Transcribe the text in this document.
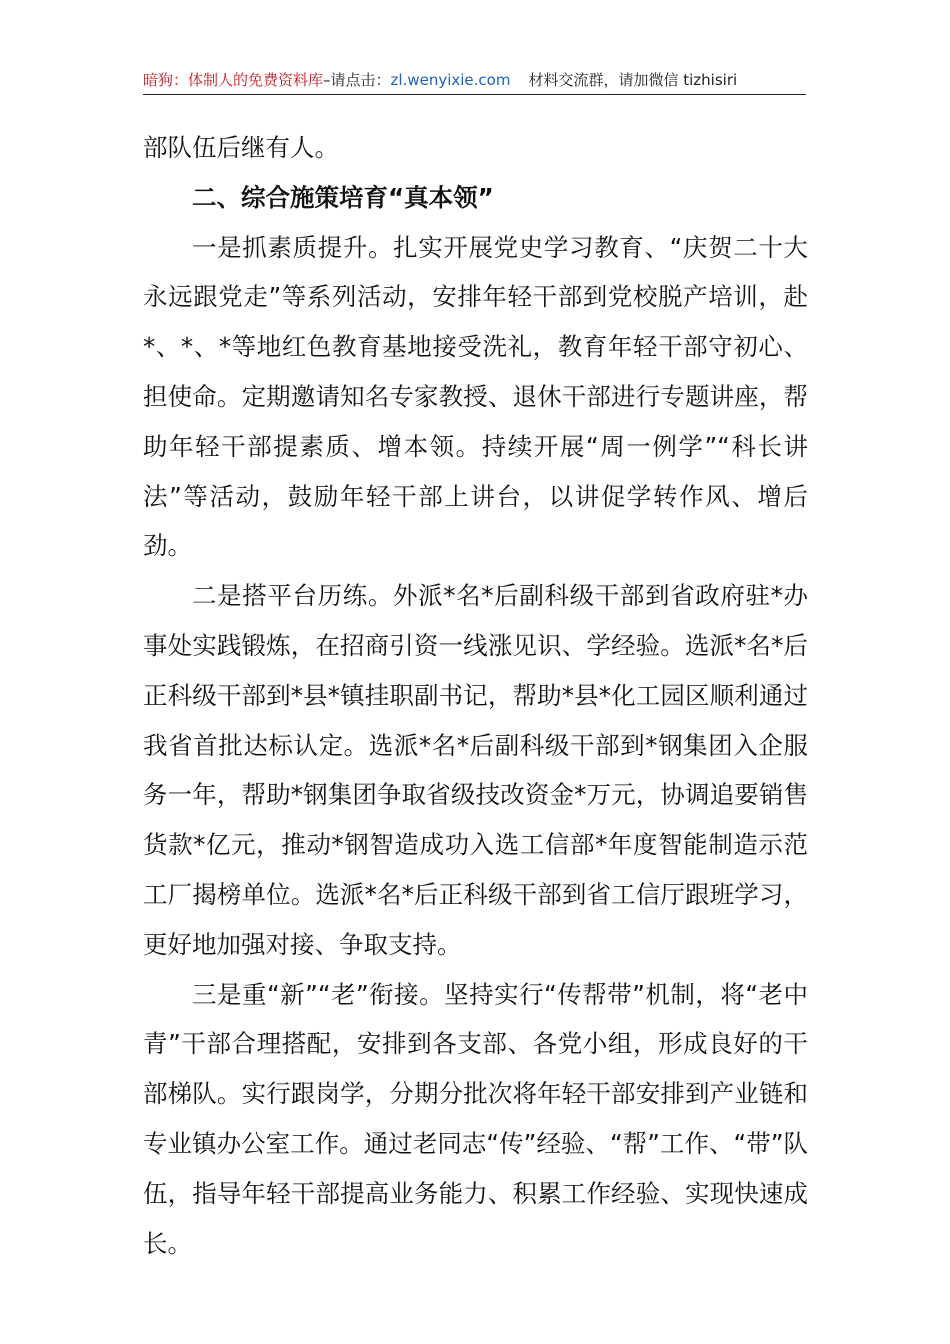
暗狗：体制人的免费资料库–请点击：zl.wenyixie.com 材料交流群，请加微信 tizhisiri

部队伍后继有人。

二、综合施策培育“真本领”

一是抓素质提升。扎实开展党史学习教育、“庆贺二十大永远跟党走”等系列活动，安排年轻干部到党校脱产培训，赴*、*、*等地红色教育基地接受洗礼，教育年轻干部守初心、担使命。定期邀请知名专家教授、退休干部进行专题讲座，帮助年轻干部提素质、增本领。持续开展“周一例学”“科长讲法”等活动，鼓励年轻干部上讲台，以讲促学转作风、增后劲。

二是搭平台历练。外派*名*后副科级干部到省政府驻*办事处实践锻炼，在招商引资一线涨见识、学经验。选派*名*后正科级干部到*县*镇挂职副书记，帮助*县*化工园区顺利通过我省首批达标认定。选派*名*后副科级干部到*钢集团入企服务一年，帮助*钢集团争取省级技改资金*万元，协调追要销售货款*亿元，推动*钢智造成功入选工信部*年度智能制造示范工厂揭榜单位。选派*名*后正科级干部到省工信厅跟班学习，更好地加强对接、争取支持。

三是重“新”“老”衔接。坚持实行“传帮带”机制，将“老中青”干部合理搭配，安排到各支部、各党小组，形成良好的干部梯队。实行跟岗学，分期分批次将年轻干部安排到产业链和专业镇办公室工作。通过老同志“传”经验、“帮”工作、“带”队伍，指导年轻干部提高业务能力、积累工作经验、实现快速成长。
